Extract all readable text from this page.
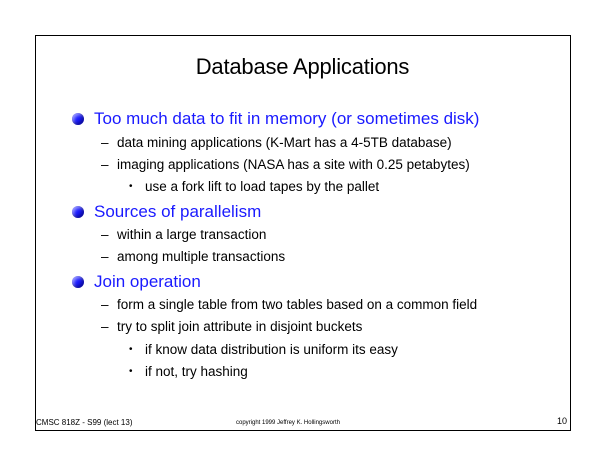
Database Applications
Too much data to fit in memory (or sometimes disk)
– data mining applications (K-Mart has a 4-5TB database)
– imaging applications (NASA has a site with 0.25 petabytes)
• use a fork lift to load tapes by the pallet
Sources of parallelism
– within a large transaction
– among multiple transactions
Join operation
– form a single table from two tables based on a common field
– try to split join attribute in disjoint buckets
• if know data distribution is uniform its easy
• if not, try hashing
CMSC 818Z - S99 (lect 13)	copyright 1999 Jeffrey K. Hollingsworth	10
